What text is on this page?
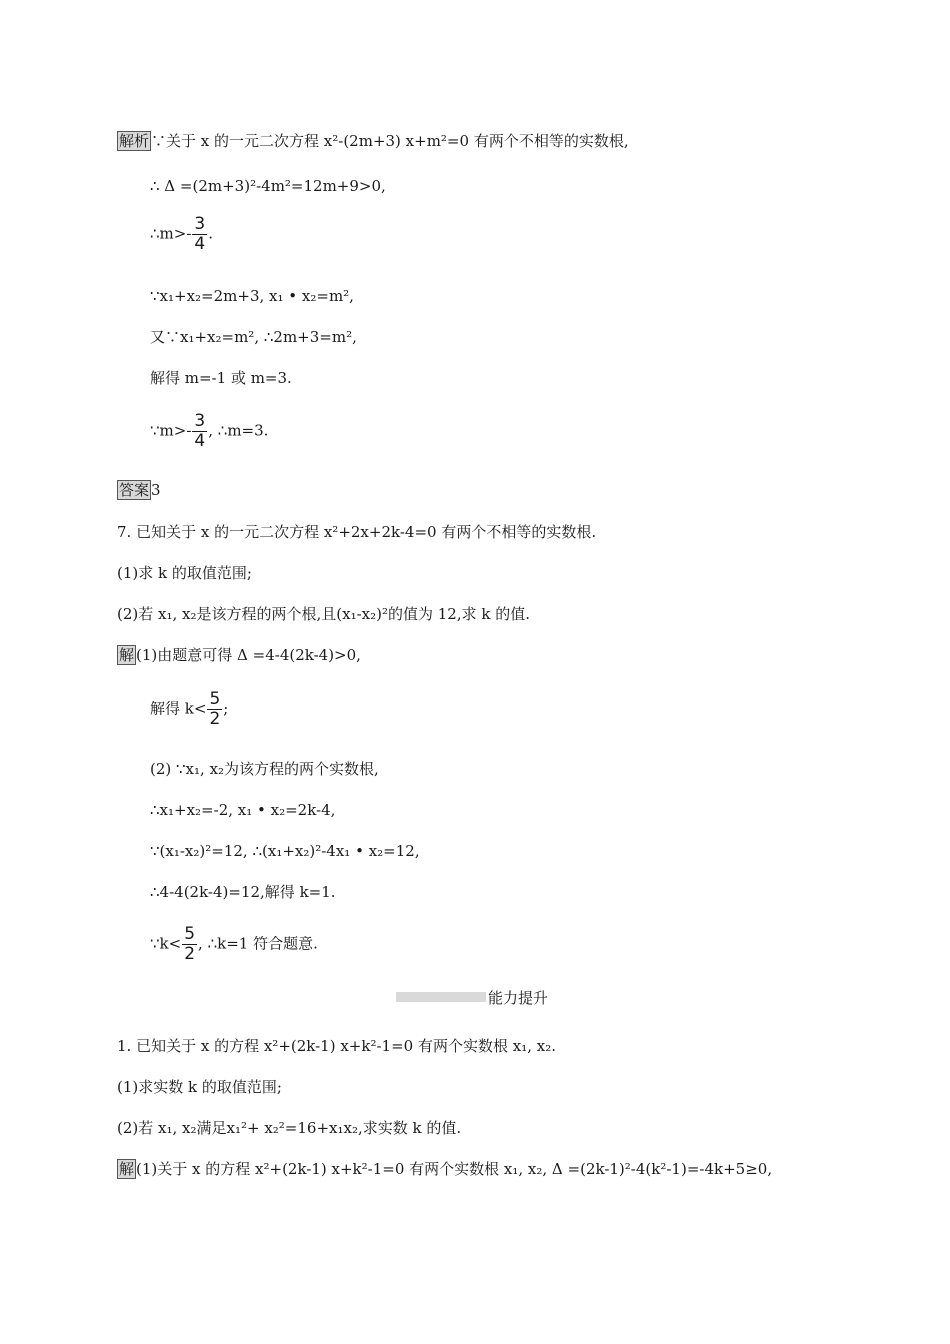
解析 ∵关于 x 的一元二次方程 x²-(2m+3) x+m²=0 有两个不相等的实数根,
∴ Δ =(2m+3)²-4m²=12m+9>0,
∴m>- $\frac{3}{4}$ .
∵x₁+x₂=2m+3, x₁ • x₂=m²,
又∵x₁+x₂=m², ∴2m+3=m²,
解得 m=-1 或 m=3.
∵m>- $\frac{3}{4}$ , ∴m=3.
答案 3
7. 已知关于 x 的一元二次方程 x²+2x+2k-4=0 有两个不相等的实数根.
(1)求 k 的取值范围;
(2)若 x₁, x₂是该方程的两个根,且(x₁-x₂)²的值为 12,求 k 的值.
解 (1)由题意可得 Δ =4-4(2k-4)>0,
解得 $k< \frac{5}{2}$ ;
(2) ∵x₁, x₂为该方程的两个实数根,
∴x₁+x₂=-2, x₁ • x₂=2k-4,
∵(x₁-x₂)²=12, ∴(x₁+x₂)²-4x₁ • x₂=12,
∴4-4(2k-4)=12,解得 k=1.
∵k< $\frac{5}{2}$ , ∴k=1 符合题意.
能力提升
1. 已知关于 x 的方程 x²+(2k-1) x+k²-1=0 有两个实数根 x₁, x₂.
(1)求实数 k 的取值范围;
(2)若 x₁, x₂满足x₁²+ x₂²=16+x₁x₂,求实数 k 的值.
解 (1)关于 x 的方程 x²+(2k-1) x+k²-1=0 有两个实数根 x₁, x₂, Δ =(2k-1)²-4(k²-1)=-4k+5≥0,
